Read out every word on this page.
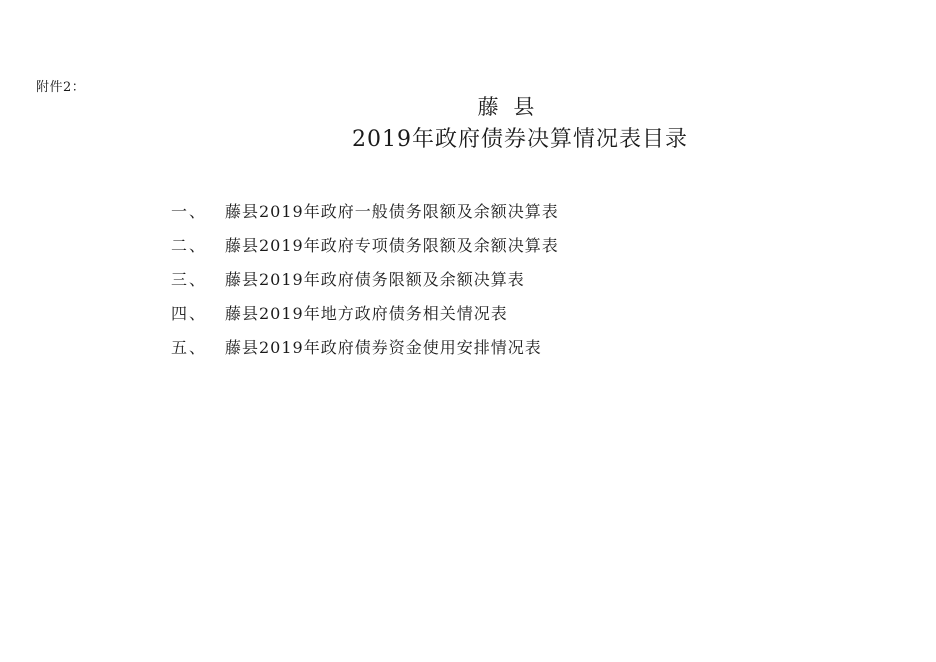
附件2：
藤 县
2019年政府债券决算情况表目录
一、	藤县2019年政府一般债务限额及余额决算表
二、	藤县2019年政府专项债务限额及余额决算表
三、	藤县2019年政府债务限额及余额决算表
四、	藤县2019年地方政府债务相关情况表
五、	藤县2019年政府债券资金使用安排情况表
